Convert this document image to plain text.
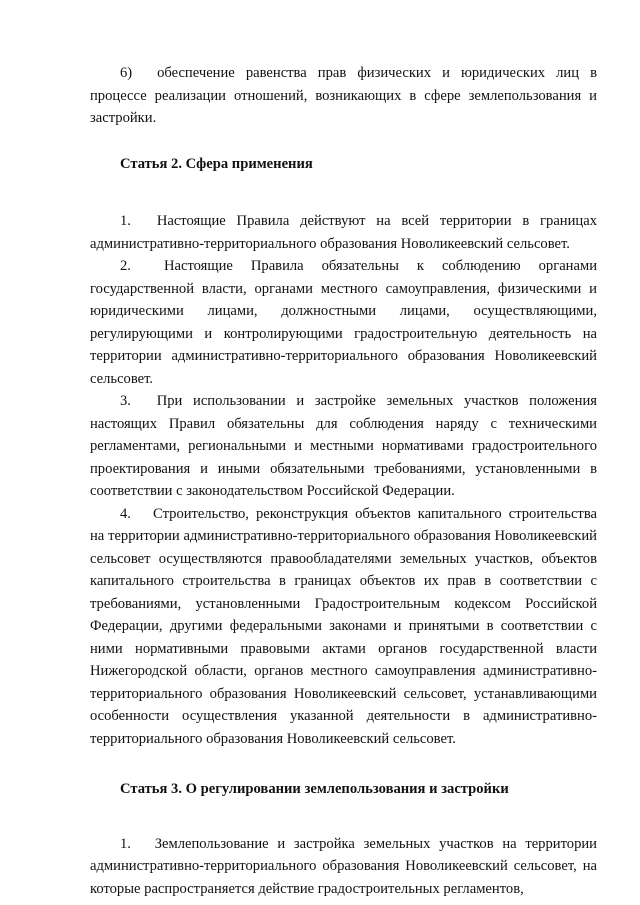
6) обеспечение равенства прав физических и юридических лиц в процессе реализации отношений, возникающих в сфере землепользования и застройки.

Статья 2. Сфера применения

1. Настоящие Правила действуют на всей территории в границах административно-территориального образования Новоликеевский сельсовет.

2. Настоящие Правила обязательны к соблюдению органами государственной власти, органами местного самоуправления, физическими и юридическими лицами, должностными лицами, осуществляющими, регулирующими и контролирующими градостроительную деятельность на территории административно-территориального образования Новоликеевский сельсовет.

3. При использовании и застройке земельных участков положения настоящих Правил обязательны для соблюдения наряду с техническими регламентами, региональными и местными нормативами градостроительного проектирования и иными обязательными требованиями, установленными в соответствии с законодательством Российской Федерации.

4. Строительство, реконструкция объектов капитального строительства на территории административно-территориального образования Новоликеевский сельсовет осуществляются правообладателями земельных участков, объектов капитального строительства в границах объектов их прав в соответствии с требованиями, установленными Градостроительным кодексом Российской Федерации, другими федеральными законами и принятыми в соответствии с ними нормативными правовыми актами органов государственной власти Нижегородской области, органов местного самоуправления административно-территориального образования Новоликеевский сельсовет, устанавливающими особенности осуществления указанной деятельности в административно-территориального образования Новоликеевский сельсовет.

Статья 3. О регулировании землепользования и застройки

1. Землепользование и застройка земельных участков на территории административно-территориального образования Новоликеевский сельсовет, на которые распространяется действие градостроительных регламентов,
